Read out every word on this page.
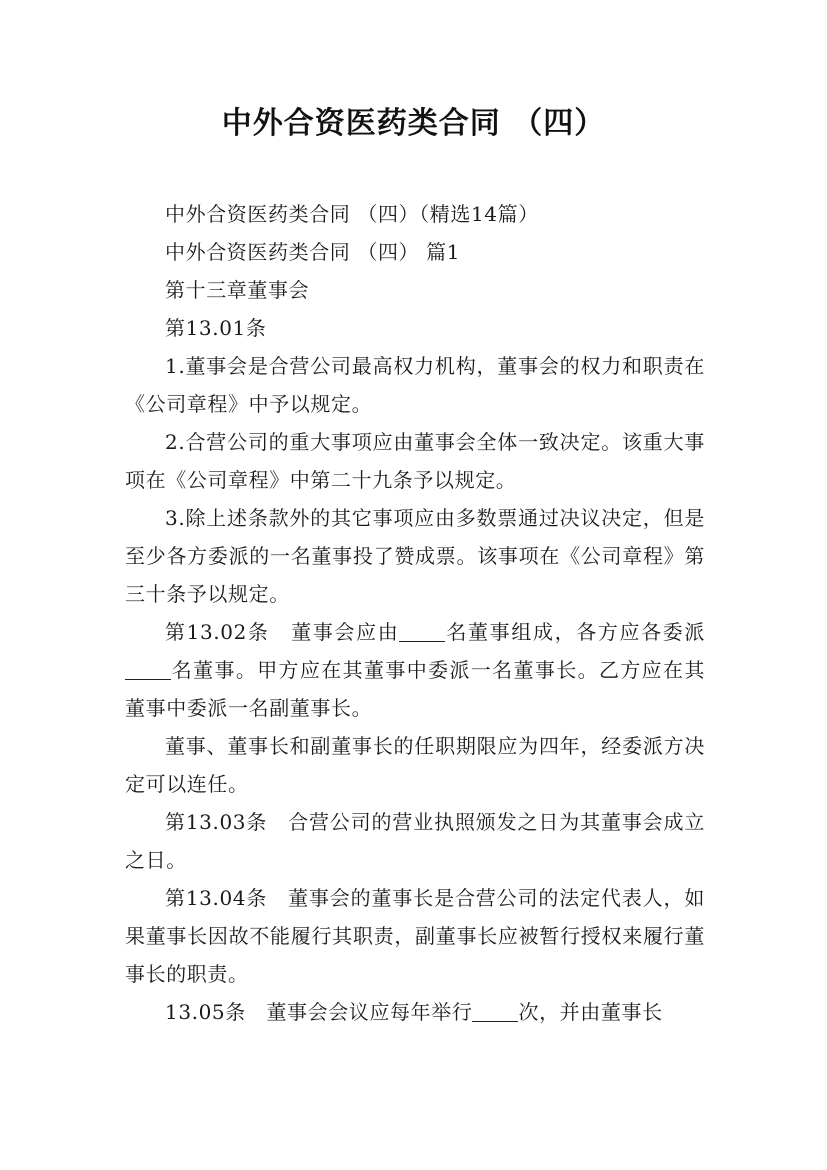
中外合资医药类合同 （四）

中外合资医药类合同 （四）（精选14篇）

中外合资医药类合同 （四） 篇1

第十三章董事会

第13.01条

1.董事会是合营公司最高权力机构，董事会的权力和职责在《公司章程》中予以规定。

2.合营公司的重大事项应由董事会全体一致决定。该重大事项在《公司章程》中第二十九条予以规定。

3.除上述条款外的其它事项应由多数票通过决议决定，但是至少各方委派的一名董事投了赞成票。该事项在《公司章程》第三十条予以规定。

第13.02条　董事会应由 名董事组成，各方应各委派名董事。甲方应在其董事中委派一名董事长。乙方应在其董事中委派一名副董事长。

董事、董事长和副董事长的任职期限应为四年，经委派方决定可以连任。

第13.03条　合营公司的营业执照颁发之日为其董事会成立之日。

第13.04条　董事会的董事长是合营公司的法定代表人，如果董事长因故不能履行其职责，副董事长应被暂行授权来履行董事长的职责。

13.05条　董事会会议应每年举行 次，并由董事长
